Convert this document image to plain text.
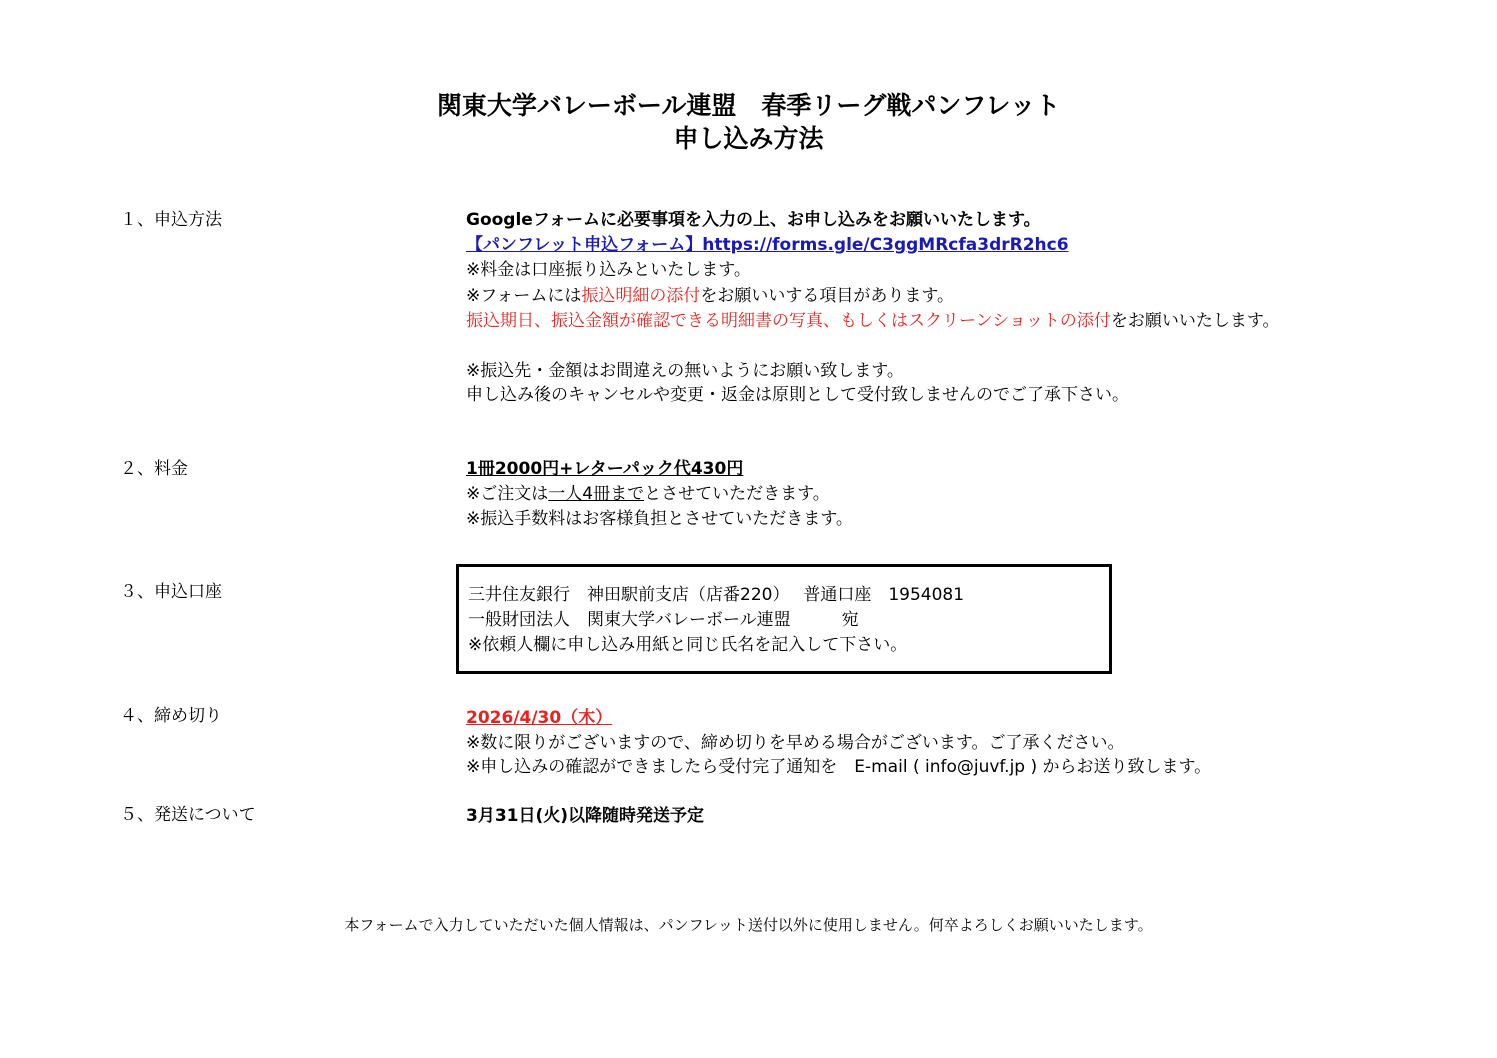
関東大学バレーボール連盟　春季リーグ戦パンフレット
申し込み方法
１、申込方法	Googleフォームに必要事項を入力の上、お申し込みをお願いいたします。
【パンフレット申込フォーム】https://forms.gle/C3ggMRcfa3drR2hc6
※料金は口座振り込みといたします。
※フォームには振込明細の添付をお願いいする項目があります。
振込期日、振込金額が確認できる明細書の写真、もしくはスクリーンショットの添付をお願いいたします。
※振込先・金額はお間違えの無いようにお願い致します。
申し込み後のキャンセルや変更・返金は原則として受付致しませんのでご了承下さい。
２、料金	1冊2000円+レターパック代430円
※ご注文は一人4冊までとさせていただきます。
※振込手数料はお客様負担とさせていただきます。
３、申込口座	三井住友銀行　神田駅前支店（店番220）　 普通口座　1954081
一般財団法人　関東大学バレーボール連盟　　　宛
※依頼人欄に申し込み用紙と同じ氏名を記入して下さい。
４、締め切り	2026/4/30（木）
※数に限りがございますので、締め切りを早める場合がございます。ご了承ください。
※申し込みの確認ができましたら受付完了通知を　E-mail ( info@juvf.jp ) からお送り致します。
５、発送について	3月31日(火)以降随時発送予定
本フォームで入力していただいた個人情報は、パンフレット送付以外に使用しません。何卒よろしくお願いいたします。
